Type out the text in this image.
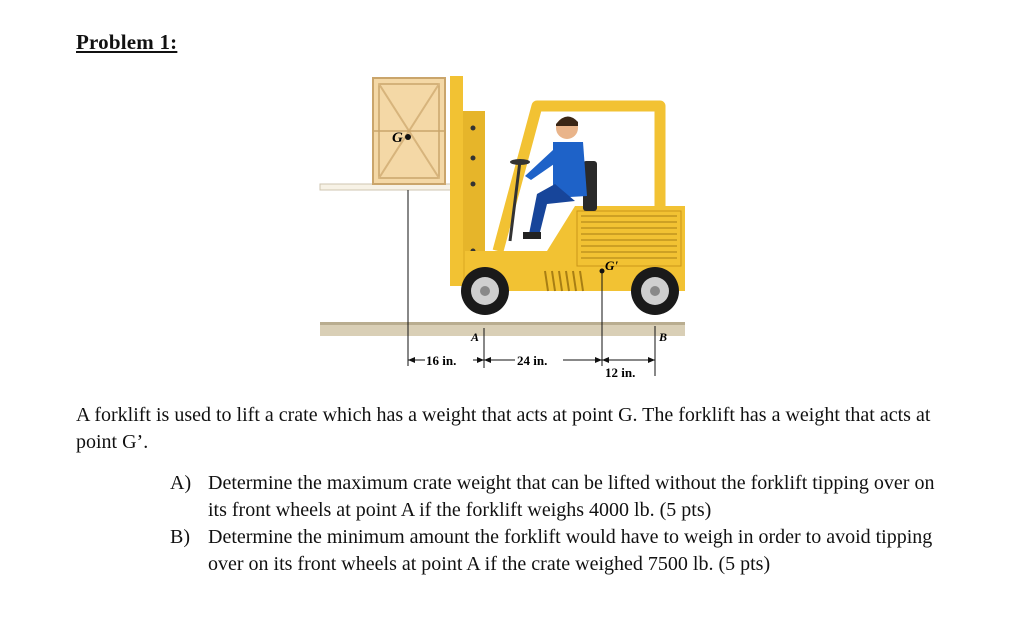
Problem 1:
G
G'
A	B
16 in.	24 in.
12 in.
A forklift is used to lift a crate which has a weight that acts at point G. The forklift has a weight that acts at point G’.
A) Determine the maximum crate weight that can be lifted without the forklift tipping over on its front wheels at point A if the forklift weighs 4000 lb. (5 pts)
B) Determine the minimum amount the forklift would have to weigh in order to avoid tipping over on its front wheels at point A if the crate weighed 7500 lb. (5 pts)
